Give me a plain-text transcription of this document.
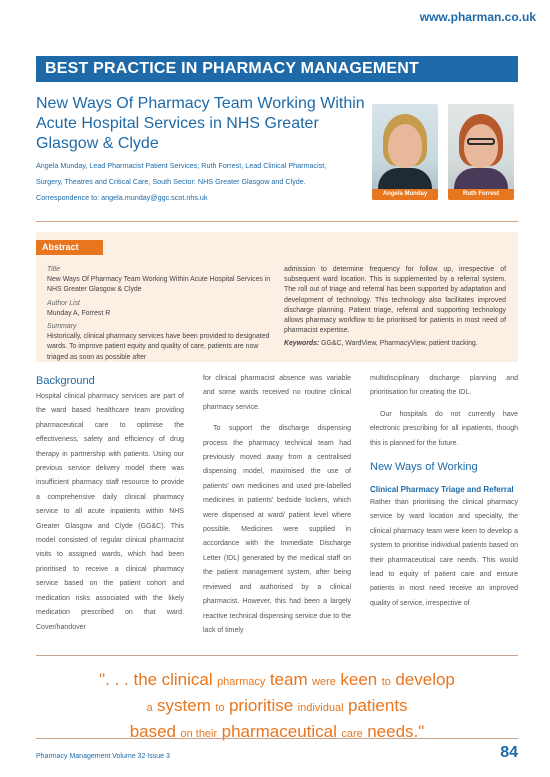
www.pharman.co.uk
BEST PRACTICE IN PHARMACY MANAGEMENT
New Ways Of Pharmacy Team Working Within Acute Hospital Services in NHS Greater Glasgow & Clyde
Angela Munday, Lead Pharmacist Patient Services; Ruth Forrest, Lead Clinical Pharmacist,
Surgery, Theatres and Critical Care, South Sector: NHS Greater Glasgow and Clyde.
Correspondence to: angela.munday@ggc.scot.nhs.uk	Angela Munday	Ruth Forrest
Abstract
Title
New Ways Of Pharmacy Team Working Within Acute Hospital Services in NHS Greater Glasgow & Clyde
Author List
Munday A, Forrest R
Summary
Historically, clinical pharmacy services have been provided to designated wards. To improve patient equity and quality of care, patients are now triaged as soon as possible after
admission to determine frequency for follow up, irrespective of subsequent ward location. This is supplemented by a referral system. The roll out of triage and referral has been supported by adaptation and development of technology. This technology also facilitates improved discharge planning. Patient triage, referral and supporting technology allows pharmacy workflow to be prioritised for patients in most need of pharmacist expertise.
Keywords: GG&C, WardView, PharmacyView, patient tracking.
Background

Hospital clinical pharmacy services are part of the ward based healthcare team providing pharmaceutical care to optimise the effectiveness, safety and efficiency of drug therapy in partnership with patients. Using our previous service delivery model there was insufficient pharmacy staff resource to provide a comprehensive daily clinical pharmacy service to all acute inpatients within NHS Greater Glasgow and Clyde (GG&C). This model consisted of regular clinical pharmacist visits to assigned wards, which had been prioritised to receive a clinical pharmacy service based on the patient cohort and medication risks associated with the likely medication prescribed on that ward. Cover/handover

for clinical pharmacist absence was variable and some wards received no routine clinical pharmacy service.

To support the discharge dispensing process the pharmacy technical team had previously moved away from a centralised dispensing model, maximised the use of patients' own medicines and used pre-labelled medicines in patients' bedside lockers, which were dispensed at ward/ patient level where possible. Medicines were supplied in accordance with the Immediate Discharge Letter (IDL) generated by the medical staff on the patient management system, after being reviewed and authorised by a clinical pharmacist. However, this had been a largely reactive technical dispensing service due to the lack of timely

multidisciplinary discharge planning and prioritisation for creating the IDL.

Our hospitals do not currently have electronic prescribing for all inpatients, though this is planned for the future.

New Ways of Working
Clinical Pharmacy Triage and Referral

Rather than prioritising the clinical pharmacy service by ward location and specialty, the clinical pharmacy team were keen to develop a system to prioritise individual patients based on their pharmaceutical care needs. This would lead to equity of patient care and ensure patients in most need receive an improved quality of service, irrespective of

". . . the clinical pharmacy team were keen to develop
a system to prioritise individual patients
based on their pharmaceutical care needs."
Pharmacy Management Volume 32 Issue 3	84
